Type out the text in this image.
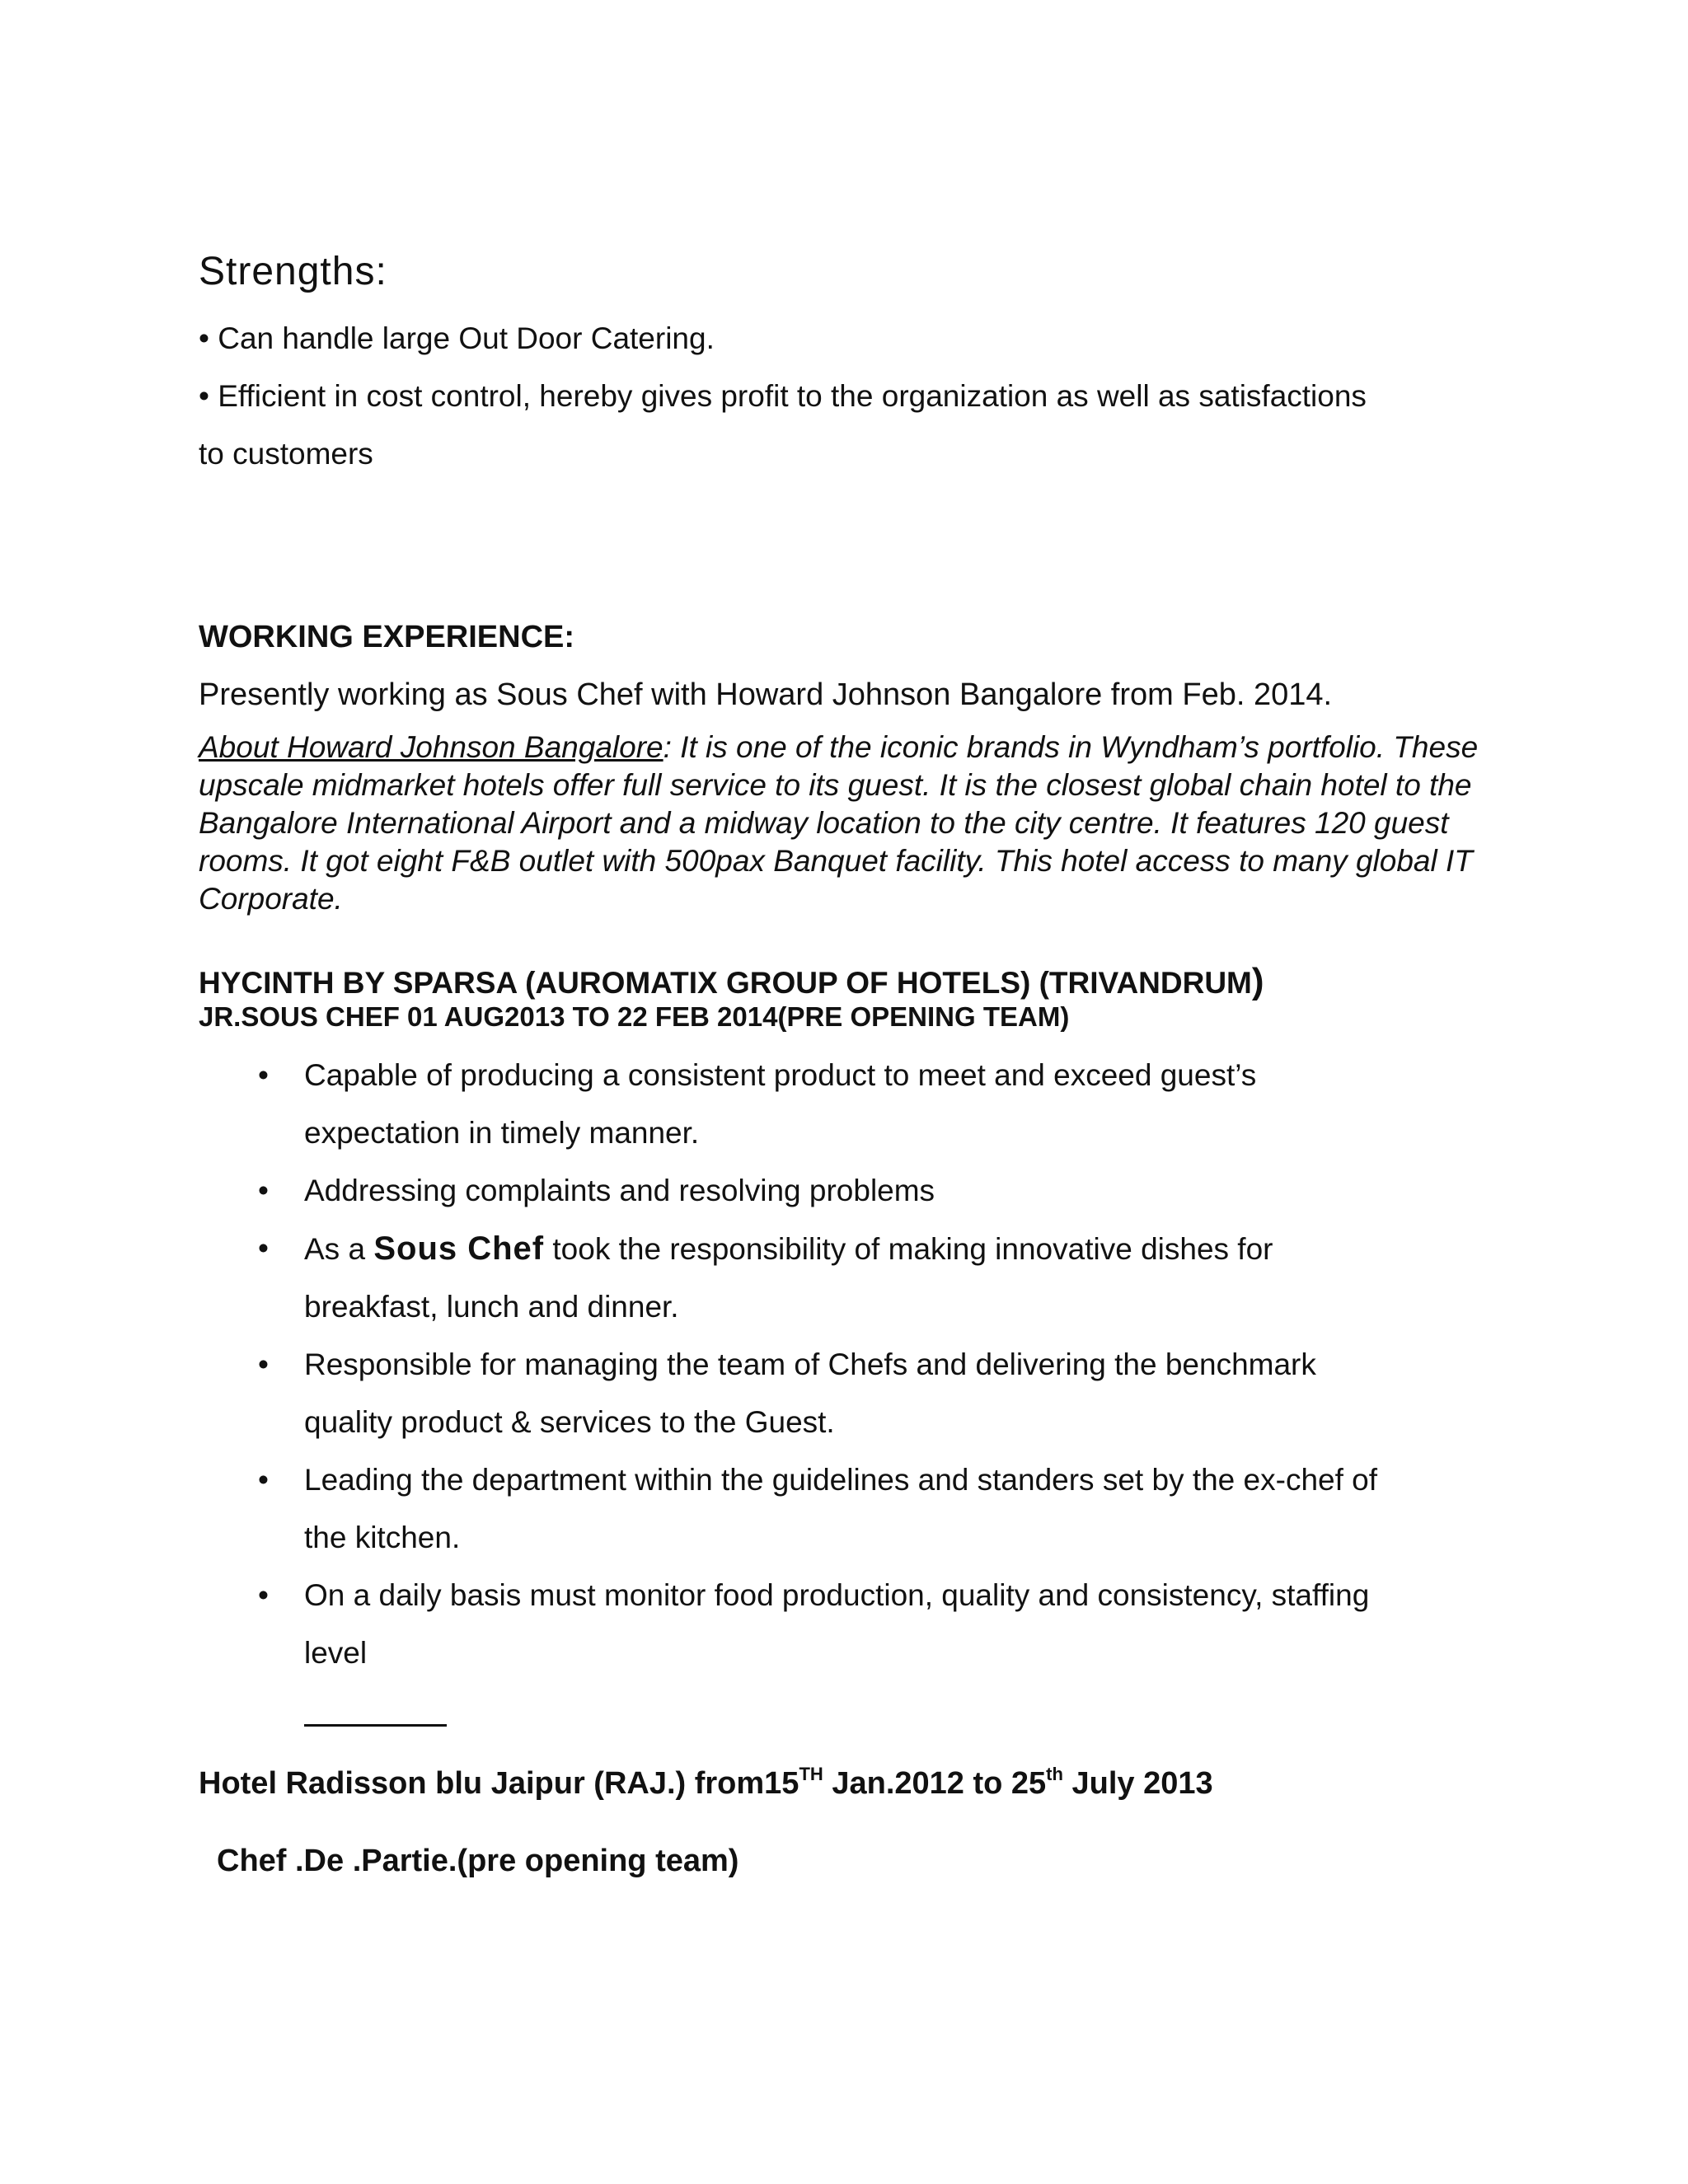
Strengths:
• Can handle large Out Door Catering.
• Efficient in cost control, hereby gives profit to the organization as well as satisfactions
to customers
WORKING EXPERIENCE:
Presently working as Sous Chef with Howard Johnson Bangalore from Feb. 2014.
About Howard Johnson Bangalore: It is one of the iconic brands in Wyndham’s portfolio. These upscale midmarket hotels offer full service to its guest. It is the closest global chain hotel to the Bangalore International Airport and a midway location to the city centre. It features 120 guest rooms. It got eight F&B outlet with 500pax Banquet facility. This hotel access to many global IT Corporate.
HYCINTH BY SPARSA (AUROMATIX GROUP OF HOTELS) (TRIVANDRUM)
JR.SOUS CHEF 01 AUG2013 TO 22 FEB 2014(PRE OPENING TEAM)
• Capable of producing a consistent product to meet and exceed guest’s
expectation in timely manner.
• Addressing complaints and resolving problems
• As a Sous Chef took the responsibility of making innovative dishes for
breakfast, lunch and dinner.
• Responsible for managing the team of Chefs and delivering the benchmark
quality product & services to the Guest.
• Leading the department within the guidelines and standers set by the ex-chef of
the kitchen.
• On a daily basis must monitor food production, quality and consistency, staffing
level
Hotel Radisson blu Jaipur (RAJ.) from15TH Jan.2012 to 25th July 2013
Chef .De .Partie.(pre opening team)
